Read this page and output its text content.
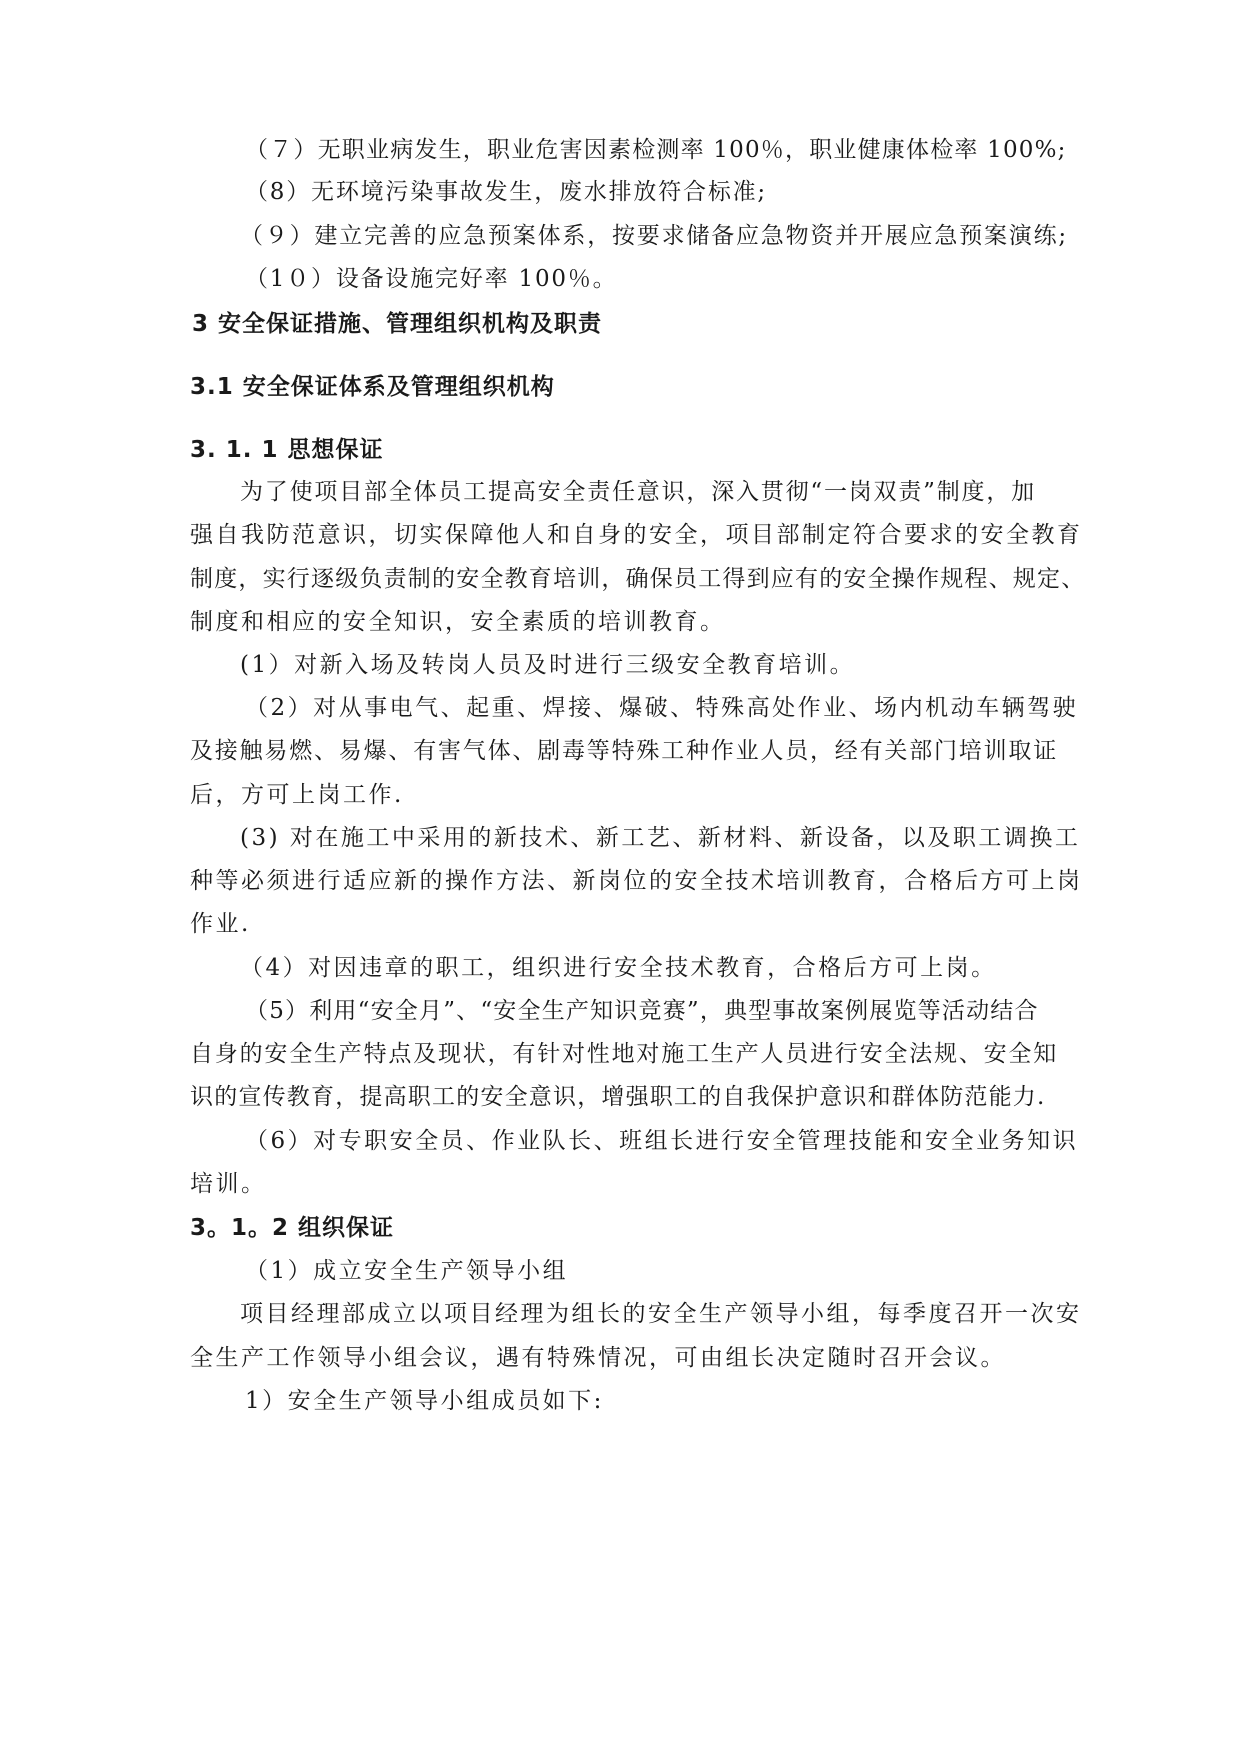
（７）无职业病发生，职业危害因素检测率 100％，职业健康体检率 100%;
（8）无环境污染事故发生，废水排放符合标准;
（９）建立完善的应急预案体系，按要求储备应急物资并开展应急预案演练;
（1０）设备设施完好率 100％。
3 安全保证措施、管理组织机构及职责
3.1 安全保证体系及管理组织机构
3. 1. 1 思想保证
为了使项目部全体员工提高安全责任意识，深入贯彻“一岗双责”制度，加
强自我防范意识，切实保障他人和自身的安全，项目部制定符合要求的安全教育
制度，实行逐级负责制的安全教育培训，确保员工得到应有的安全操作规程、规定、
制度和相应的安全知识，安全素质的培训教育。
(1）对新入场及转岗人员及时进行三级安全教育培训。
（2）对从事电气、起重、焊接、爆破、特殊高处作业、场内机动车辆驾驶
及接触易燃、易爆、有害气体、剧毒等特殊工种作业人员，经有关部门培训取证
后，方可上岗工作.
(3) 对在施工中采用的新技术、新工艺、新材料、新设备，以及职工调换工
种等必须进行适应新的操作方法、新岗位的安全技术培训教育，合格后方可上岗
作业.
（4）对因违章的职工，组织进行安全技术教育，合格后方可上岗。
（5）利用“安全月”、“安全生产知识竞赛”，典型事故案例展览等活动结合
自身的安全生产特点及现状，有针对性地对施工生产人员进行安全法规、安全知
识的宣传教育，提高职工的安全意识，增强职工的自我保护意识和群体防范能力.
（6）对专职安全员、作业队长、班组长进行安全管理技能和安全业务知识
培训。
3。1。2 组织保证
（1）成立安全生产领导小组
项目经理部成立以项目经理为组长的安全生产领导小组，每季度召开一次安
全生产工作领导小组会议，遇有特殊情况，可由组长决定随时召开会议。
1）安全生产领导小组成员如下:
